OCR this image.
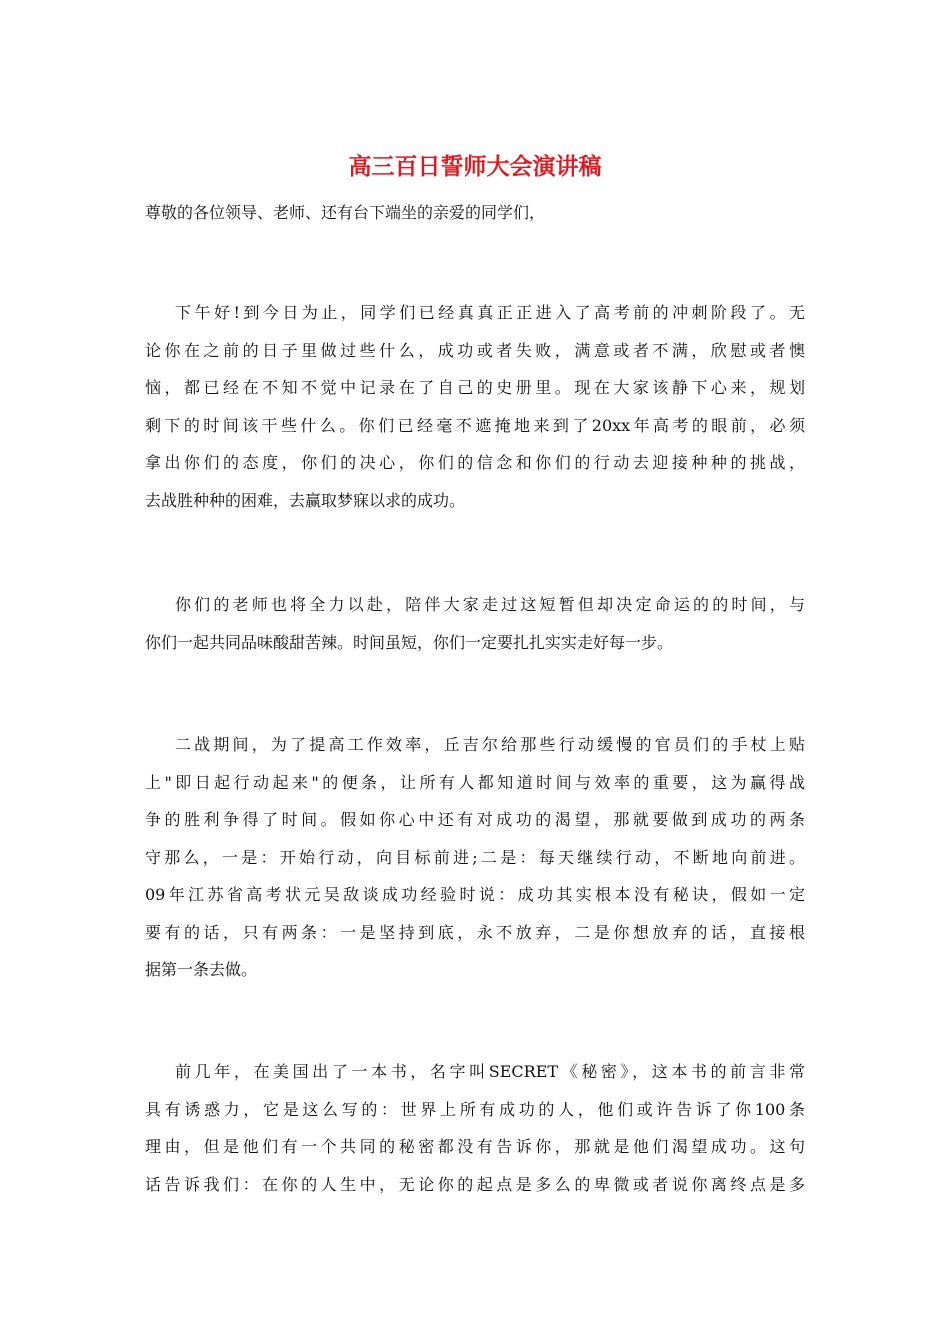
高三百日誓师大会演讲稿

尊敬的各位领导、老师、还有台下端坐的亲爱的同学们，

下午好!到今日为止，同学们已经真真正正进入了高考前的冲刺阶段了。无
论你在之前的日子里做过些什么，成功或者失败，满意或者不满，欣慰或者懊
恼，都已经在不知不觉中记录在了自己的史册里。现在大家该静下心来，规划
剩下的时间该干些什么。你们已经毫不遮掩地来到了20xx年高考的眼前，必须
拿出你们的态度，你们的决心，你们的信念和你们的行动去迎接种种的挑战，
去战胜种种的困难，去赢取梦寐以求的成功。
你们的老师也将全力以赴，陪伴大家走过这短暂但却决定命运的的时间，与
你们一起共同品味酸甜苦辣。时间虽短，你们一定要扎扎实实走好每一步。
二战期间，为了提高工作效率，丘吉尔给那些行动缓慢的官员们的手杖上贴
上"即日起行动起来"的便条，让所有人都知道时间与效率的重要，这为赢得战
争的胜利争得了时间。假如你心中还有对成功的渴望，那就要做到成功的两条
守那么，一是：开始行动，向目标前进;二是：每天继续行动，不断地向前进。
09年江苏省高考状元吴敌谈成功经验时说：成功其实根本没有秘诀，假如一定
要有的话，只有两条：一是坚持到底，永不放弃，二是你想放弃的话，直接根
据第一条去做。
前几年，在美国出了一本书，名字叫SECRET《秘密》，这本书的前言非常
具有诱惑力，它是这么写的：世界上所有成功的人，他们或许告诉了你100条
理由，但是他们有一个共同的秘密都没有告诉你，那就是他们渴望成功。这句
话告诉我们：在你的人生中，无论你的起点是多么的卑微或者说你离终点是多
